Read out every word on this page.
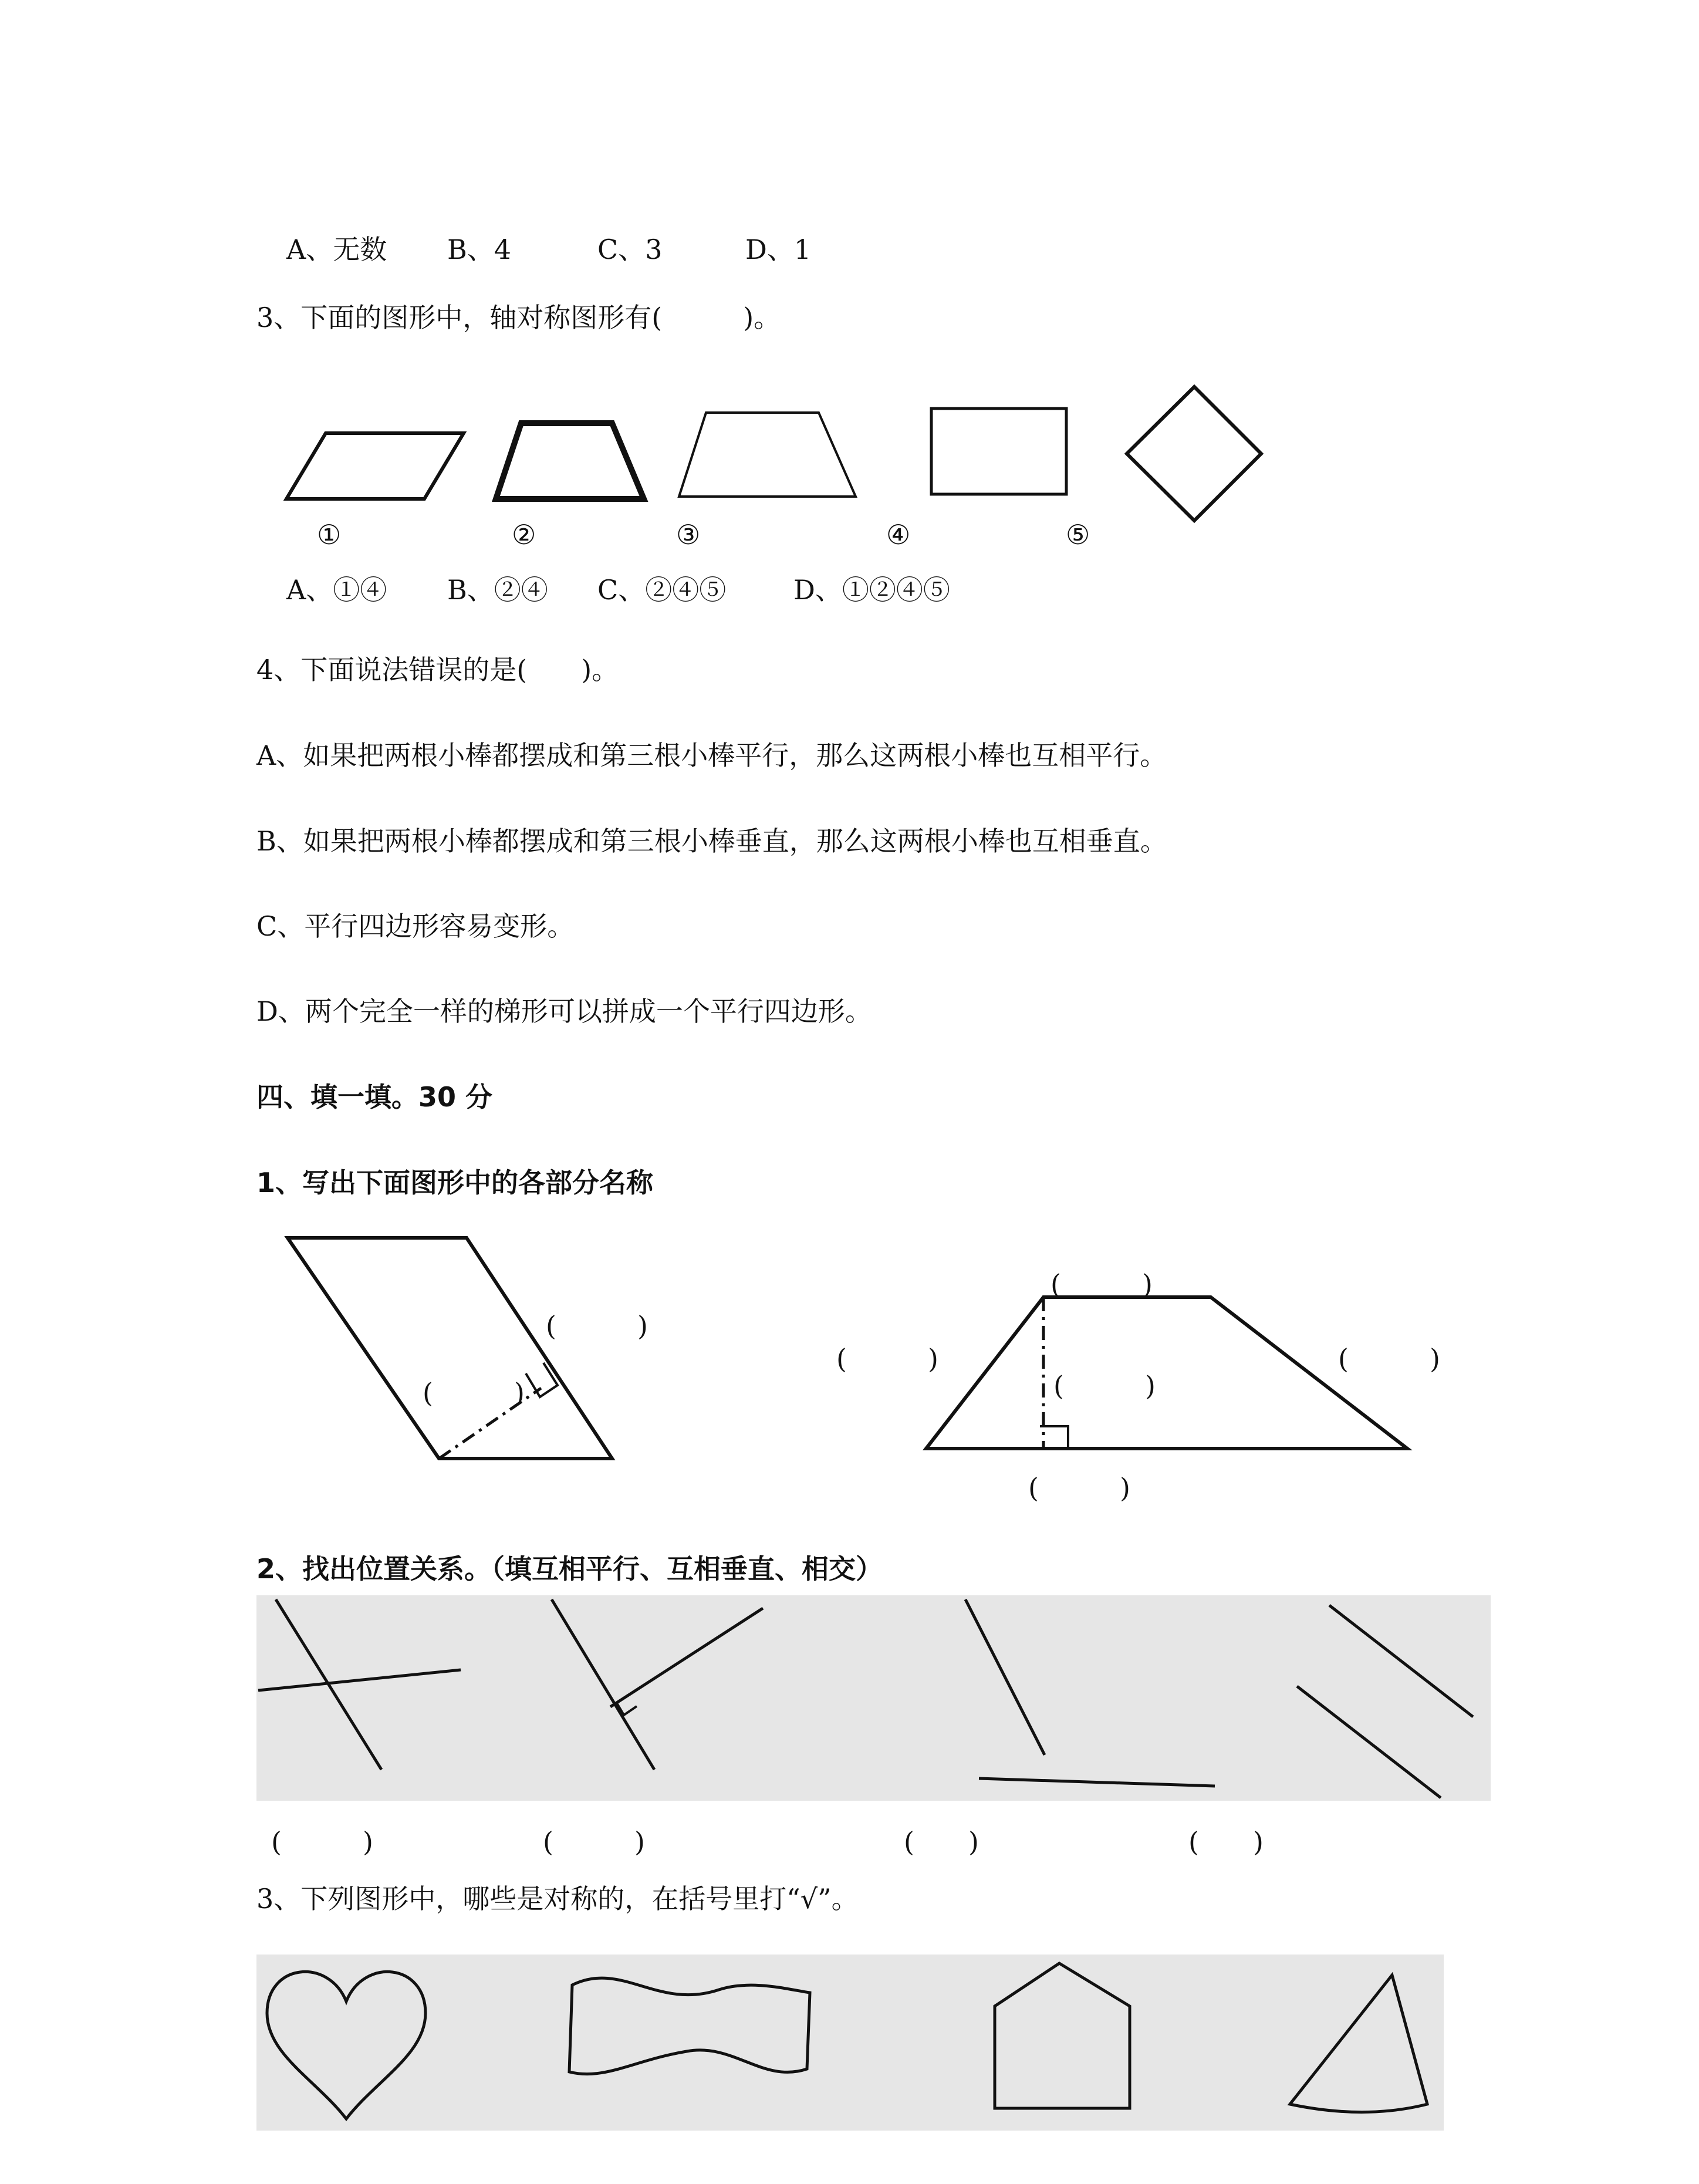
A、无数 B、4	C、3	D、1
3、下面的图形中，轴对称图形有(　　　)。
①	②	③	④	⑤
A、①④ B、②④ C、②④⑤ D、①②④⑤
4、下面说法错误的是(　　)。
A、如果把两根小棒都摆成和第三根小棒平行，那么这两根小棒也互相平行。
B、如果把两根小棒都摆成和第三根小棒垂直，那么这两根小棒也互相垂直。
C、平行四边形容易变形。
D、两个完全一样的梯形可以拼成一个平行四边形。
四、填一填。30 分
1、写出下面图形中的各部分名称
(　　　)
(　　　)
(　　　)
(　　　)	(　　　)
(　　　)
(　　　)
2、找出位置关系。（填互相平行、互相垂直、相交）
(　　　)	(　　　)	(　　)	(　　)
3、下列图形中，哪些是对称的，在括号里打“√”。
